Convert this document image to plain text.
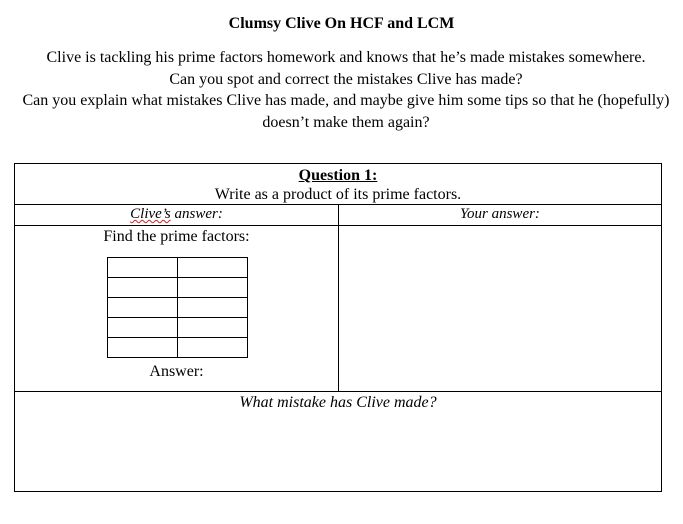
Clumsy Clive On HCF and LCM

Clive is tackling his prime factors homework and knows that he’s made mistakes somewhere.

Can you spot and correct the mistakes Clive has made?

Can you explain what mistakes Clive has made, and maybe give him some tips so that he (hopefully) doesn’t make them again?

Question 1:
Write as a product of its prime factors.
Clive’s answer:	Your answer:
Find the prime factors:

Answer:
What mistake has Clive made?
